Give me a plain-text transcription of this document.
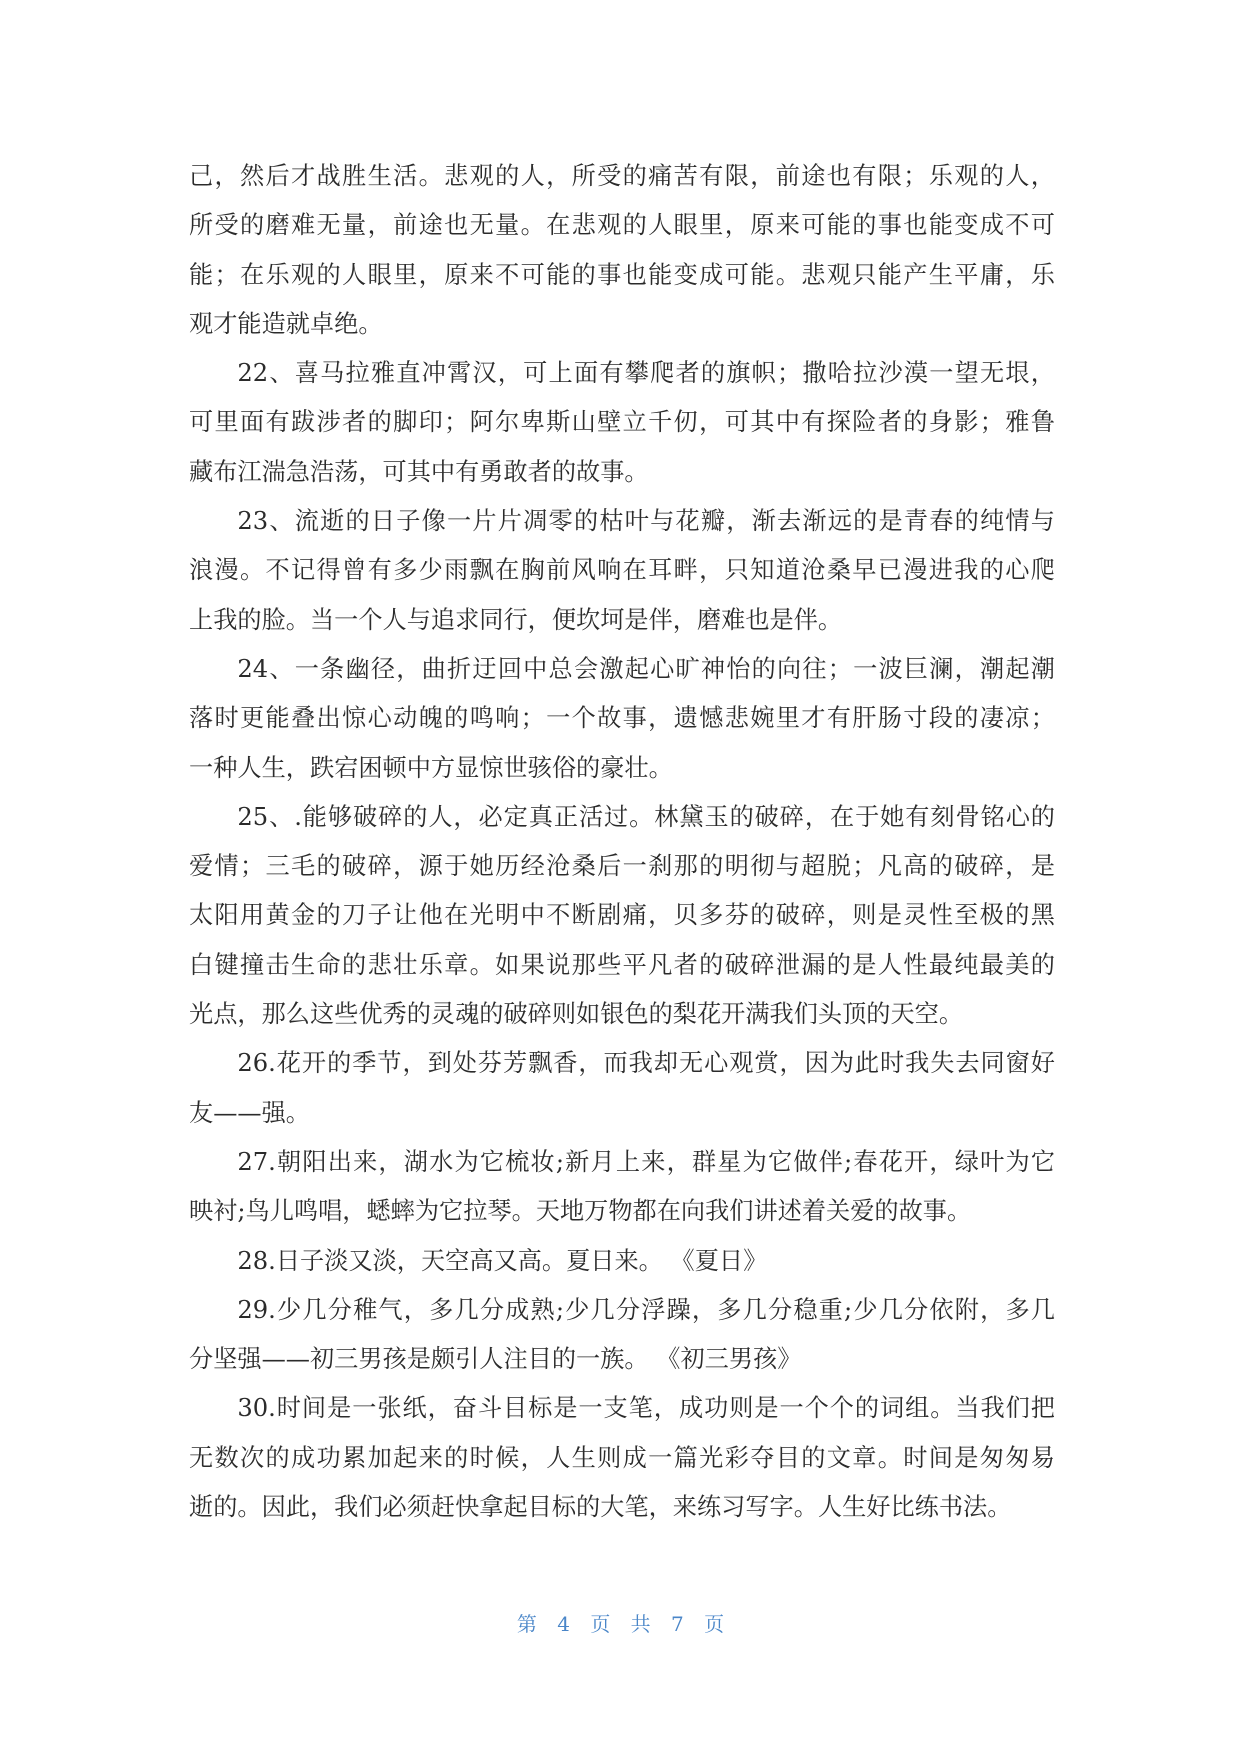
己，然后才战胜生活。悲观的人，所受的痛苦有限，前途也有限；乐观的人，
所受的磨难无量，前途也无量。在悲观的人眼里，原来可能的事也能变成不可
能；在乐观的人眼里，原来不可能的事也能变成可能。悲观只能产生平庸，乐
观才能造就卓绝。
22、喜马拉雅直冲霄汉，可上面有攀爬者的旗帜；撒哈拉沙漠一望无垠，
可里面有跋涉者的脚印；阿尔卑斯山壁立千仞，可其中有探险者的身影；雅鲁
藏布江湍急浩荡，可其中有勇敢者的故事。
23、流逝的日子像一片片凋零的枯叶与花瓣，渐去渐远的是青春的纯情与
浪漫。不记得曾有多少雨飘在胸前风响在耳畔，只知道沧桑早已漫进我的心爬
上我的脸。当一个人与追求同行，便坎坷是伴，磨难也是伴。
24、一条幽径，曲折迂回中总会激起心旷神怡的向往；一波巨澜，潮起潮
落时更能叠出惊心动魄的鸣响；一个故事，遗憾悲婉里才有肝肠寸段的凄凉；
一种人生，跌宕困顿中方显惊世骇俗的豪壮。
25、.能够破碎的人，必定真正活过。林黛玉的破碎，在于她有刻骨铭心的
爱情；三毛的破碎，源于她历经沧桑后一刹那的明彻与超脱；凡高的破碎，是
太阳用黄金的刀子让他在光明中不断剧痛，贝多芬的破碎，则是灵性至极的黑
白键撞击生命的悲壮乐章。如果说那些平凡者的破碎泄漏的是人性最纯最美的
光点，那么这些优秀的灵魂的破碎则如银色的梨花开满我们头顶的天空。
26.花开的季节，到处芬芳飘香，而我却无心观赏，因为此时我失去同窗好
友——强。
27.朝阳出来，湖水为它梳妆;新月上来，群星为它做伴;春花开，绿叶为它
映衬;鸟儿鸣唱，蟋蟀为它拉琴。天地万物都在向我们讲述着关爱的故事。
28.日子淡又淡，天空高又高。夏日来。 《夏日》
29.少几分稚气，多几分成熟;少几分浮躁，多几分稳重;少几分依附，多几
分坚强——初三男孩是颇引人注目的一族。 《初三男孩》
30.时间是一张纸，奋斗目标是一支笔，成功则是一个个的词组。当我们把
无数次的成功累加起来的时候，人生则成一篇光彩夺目的文章。时间是匆匆易
逝的。因此，我们必须赶快拿起目标的大笔，来练习写字。人生好比练书法。
第 4 页 共 7 页
